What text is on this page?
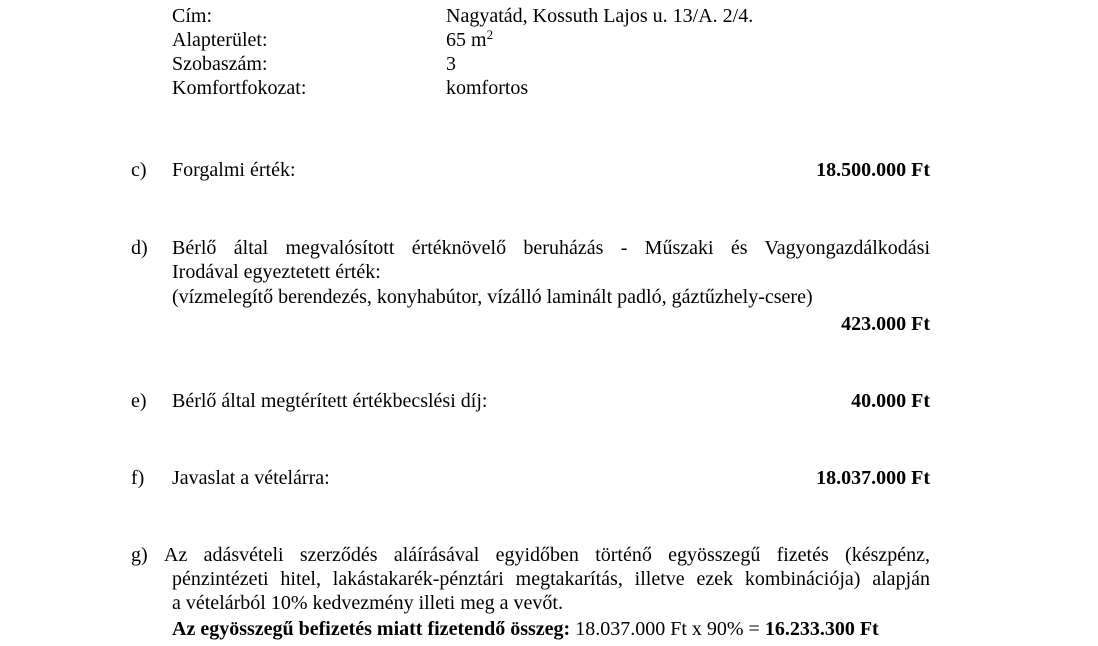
Cím:	Nagyatád, Kossuth Lajos u. 13/A. 2/4.
Alapterület:	65 $m^2$
Szobaszám:	3
Komfortfokozat:	komfortos
c) Forgalmi érték:	18.500.000 Ft
d) Bérlő által megvalósított értéknövelő beruházás - Műszaki és Vagyongazdálkodási
Irodával egyeztetett érték:
(vízmelegítő berendezés, konyhabútor, vízálló laminált padló, gáztűzhely-csere)
423.000 Ft
e) Bérlő által megtérített értékbecslési díj:	40.000 Ft
f) Javaslat a vételárra:	18.037.000 Ft
g) Az adásvételi szerződés aláírásával egyidőben történő egyösszegű fizetés (készpénz,
pénzintézeti hitel, lakástakarék-pénztári megtakarítás, illetve ezek kombinációja) alapján
a vételárból 10% kedvezmény illeti meg a vevőt.
Az egyösszegű befizetés miatt fizetendő összeg: 18.037.000 Ft x 90% = 16.233.300 Ft
